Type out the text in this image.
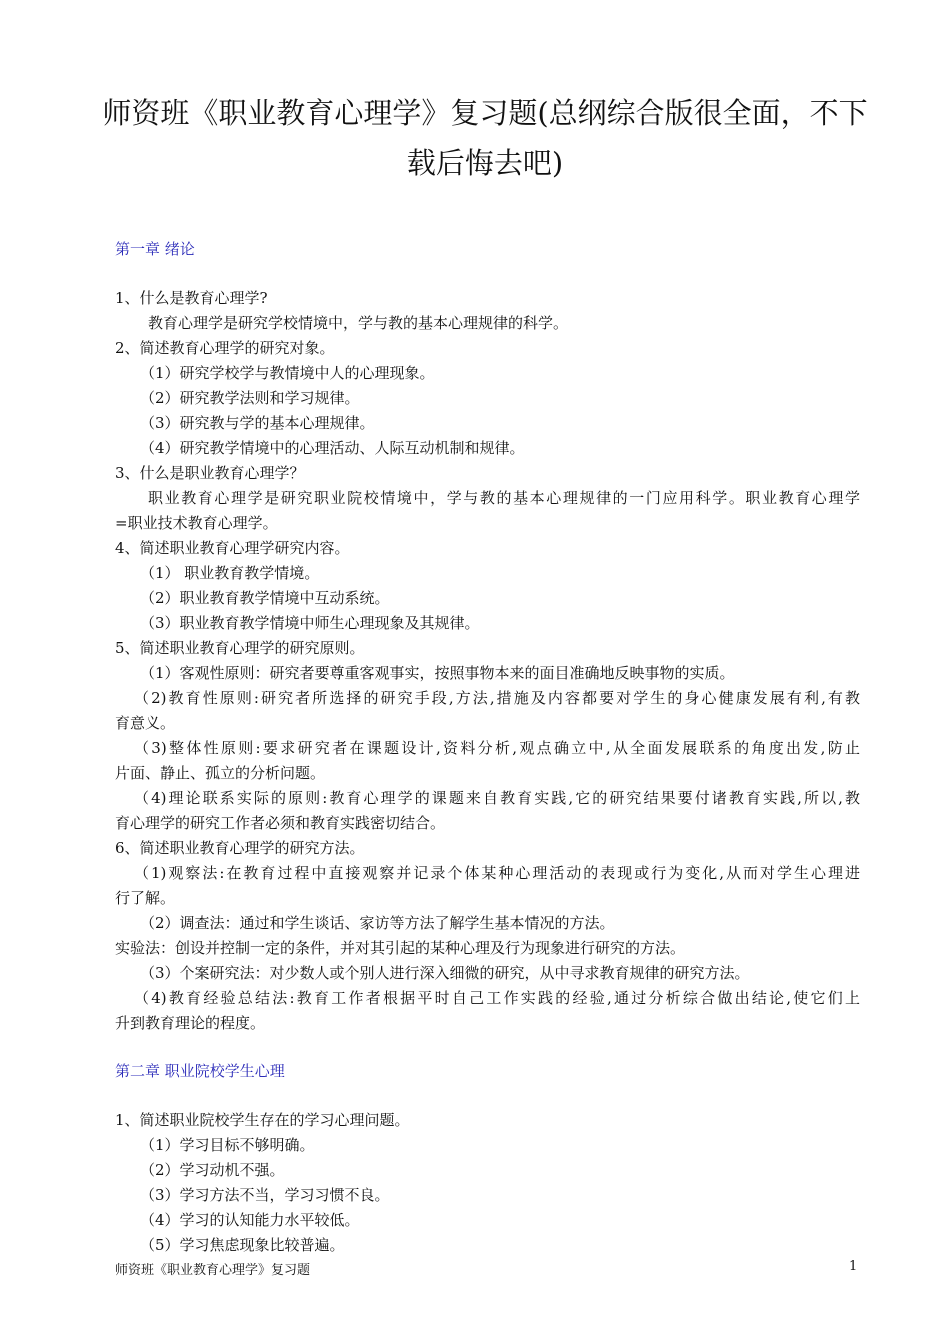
师资班《职业教育心理学》复习题(总纲综合版很全面，不下
载后悔去吧)
第一章 绪论
1、什么是教育心理学?
教育心理学是研究学校情境中，学与教的基本心理规律的科学。
2、简述教育心理学的研究对象。
（1）研究学校学与教情境中人的心理现象。
（2）研究教学法则和学习规律。
（3）研究教与学的基本心理规律。
（4）研究教学情境中的心理活动、人际互动机制和规律。
3、什么是职业教育心理学？
职业教育心理学是研究职业院校情境中，学与教的基本心理规律的一门应用科学。职业教育心理学
=职业技术教育心理学。
4、简述职业教育心理学研究内容。
（1） 职业教育教学情境。
（2）职业教育教学情境中互动系统。
（3）职业教育教学情境中师生心理现象及其规律。
5、简述职业教育心理学的研究原则。
（1）客观性原则：研究者要尊重客观事实，按照事物本来的面目准确地反映事物的实质。
（2)教育性原则:研究者所选择的研究手段,方法,措施及内容都要对学生的身心健康发展有利,有教
育意义。
（3)整体性原则:要求研究者在课题设计,资料分析,观点确立中,从全面发展联系的角度出发,防止
片面、静止、孤立的分析问题。
（4)理论联系实际的原则:教育心理学的课题来自教育实践,它的研究结果要付诸教育实践,所以,教
育心理学的研究工作者必须和教育实践密切结合。
6、简述职业教育心理学的研究方法。
（1)观察法:在教育过程中直接观察并记录个体某种心理活动的表现或行为变化,从而对学生心理进
行了解。
（2）调查法：通过和学生谈话、家访等方法了解学生基本情况的方法。
实验法：创设并控制一定的条件，并对其引起的某种心理及行为现象进行研究的方法。
（3）个案研究法：对少数人或个别人进行深入细微的研究，从中寻求教育规律的研究方法。
（4)教育经验总结法:教育工作者根据平时自己工作实践的经验,通过分析综合做出结论,使它们上
升到教育理论的程度。
第二章 职业院校学生心理
1、简述职业院校学生存在的学习心理问题。
（1）学习目标不够明确。
（2）学习动机不强。
（3）学习方法不当，学习习惯不良。
（4）学习的认知能力水平较低。
（5）学习焦虑现象比较普遍。
师资班《职业教育心理学》复习题	1
